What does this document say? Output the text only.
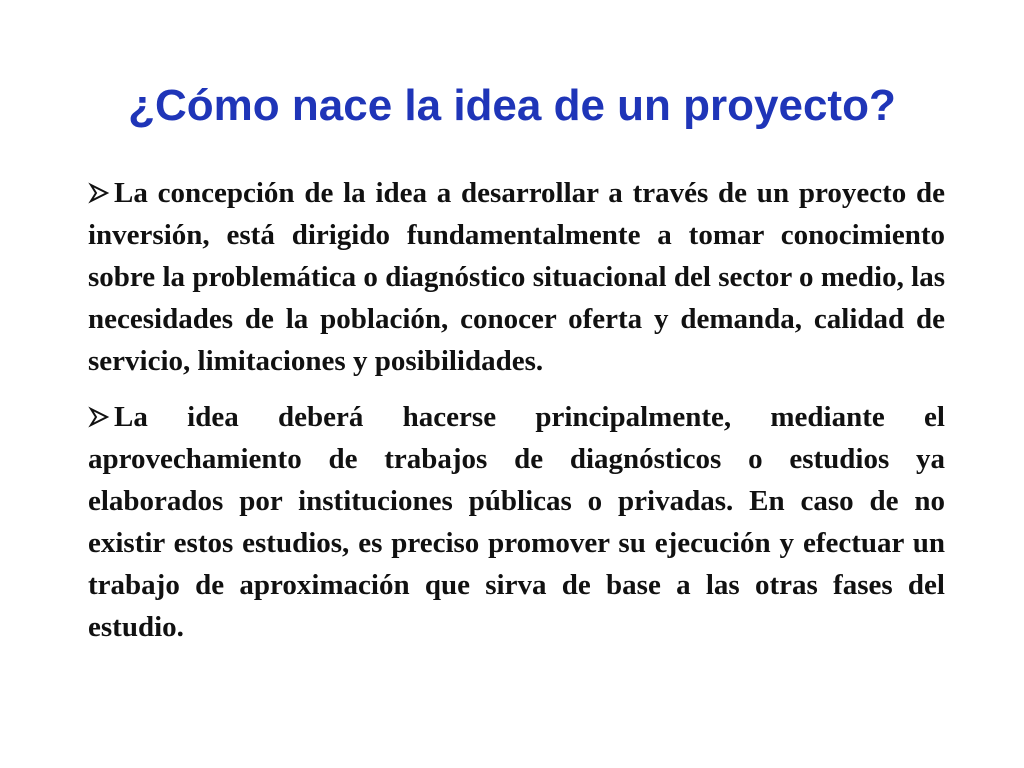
¿Cómo nace la idea de un proyecto?
La concepción de la idea a desarrollar a través de un proyecto de inversión, está dirigido fundamentalmente a tomar conocimiento sobre la problemática o diagnóstico situacional del sector o medio, las necesidades de la población, conocer oferta y demanda, calidad de servicio, limitaciones y posibilidades.
La idea deberá hacerse principalmente, mediante el aprovechamiento de trabajos de diagnósticos o estudios ya elaborados por instituciones públicas o privadas. En caso de no existir estos estudios, es preciso promover su ejecución y efectuar un trabajo de aproximación que sirva de base a las otras fases del estudio.
